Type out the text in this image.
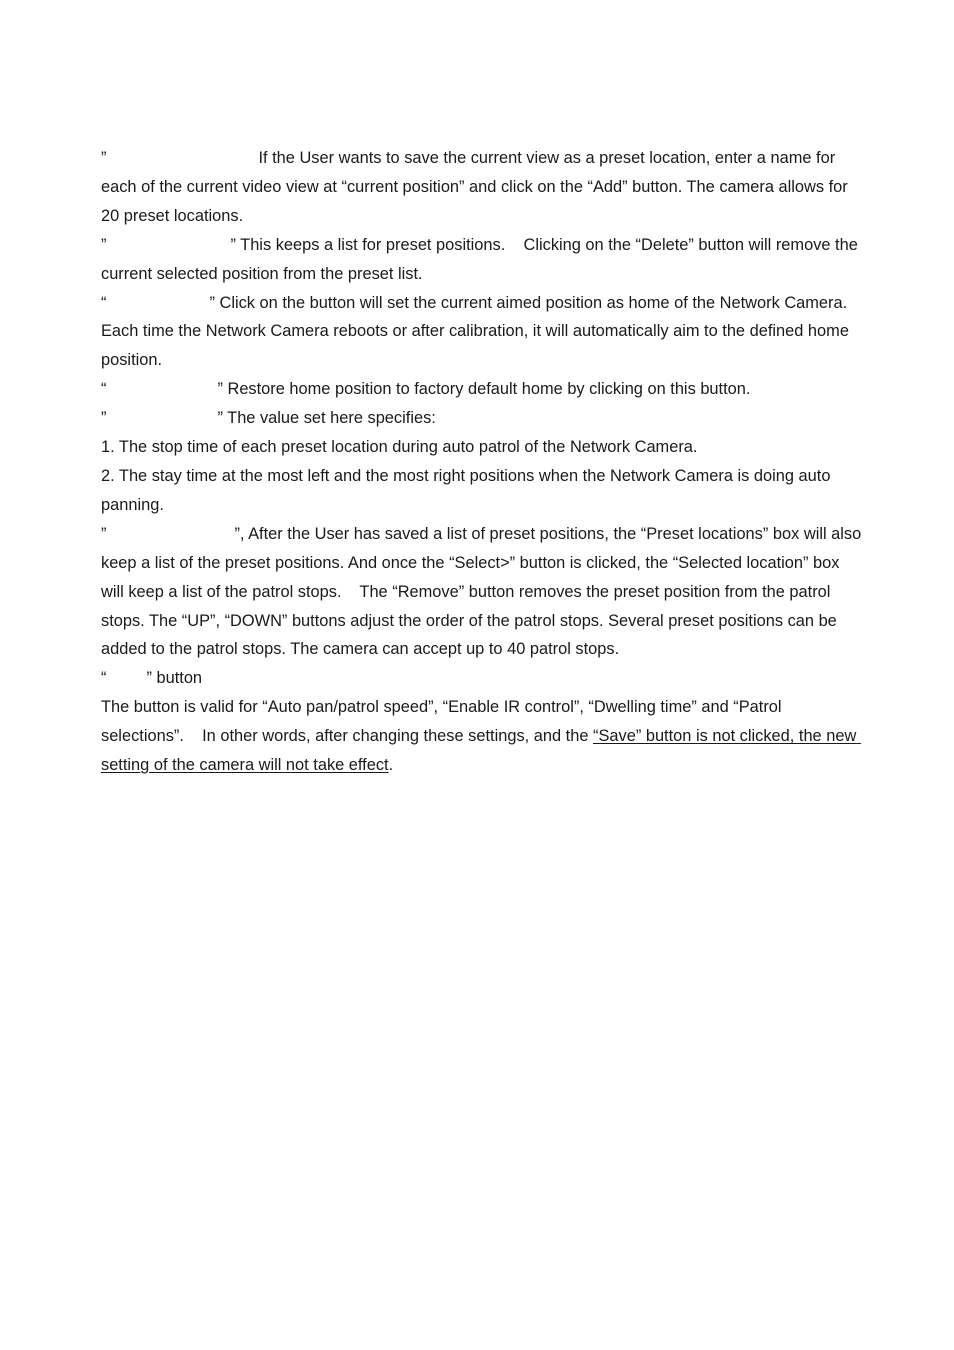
”	If the User wants to save the current view as a preset location, enter a name for each of the current video view at “current position” and click on the “Add” button. The camera allows for 20 preset locations.

”	” This keeps a list for preset positions.    Clicking on the “Delete” button will remove the current selected position from the preset list.

“	” Click on the button will set the current aimed position as home of the Network Camera. Each time the Network Camera reboots or after calibration, it will automatically aim to the defined home position.

“	” Restore home position to factory default home by clicking on this button.

”	” The value set here specifies:

1. The stop time of each preset location during auto patrol of the Network Camera.

2. The stay time at the most left and the most right positions when the Network Camera is doing auto panning.

”	”, After the User has saved a list of preset positions, the “Preset locations” box will also keep a list of the preset positions. And once the “Select>” button is clicked, the “Selected location” box will keep a list of the patrol stops.    The “Remove” button removes the preset position from the patrol stops. The “UP”, “DOWN” buttons adjust the order of the patrol stops. Several preset positions can be added to the patrol stops. The camera can accept up to 40 patrol stops.

“ ” button

The button is valid for “Auto pan/patrol speed”, “Enable IR control”, “Dwelling time” and “Patrol selections”.    In other words, after changing these settings, and the “Save” button is not clicked, the new setting of the camera will not take effect.
